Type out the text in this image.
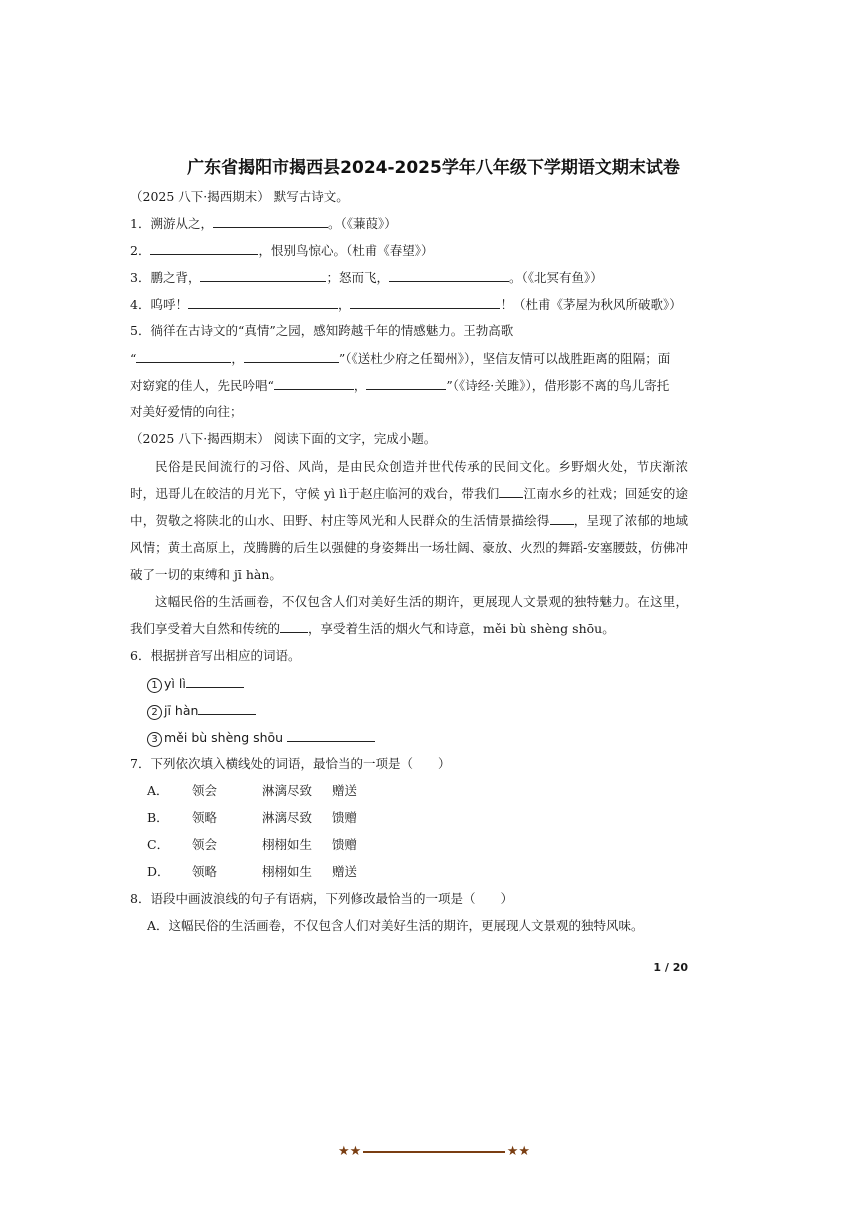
广东省揭阳市揭西县2024-2025学年八年级下学期语文期末试卷
（2025 八下·揭西期末） 默写古诗文。
1．溯游从之，	。（《蒹葭》）
2．	，恨别鸟惊心。（杜甫《春望》）
3．鹏之背，	；怒而飞，	。（《北冥有鱼》）
4．呜呼！	，	！（杜甫《茅屋为秋风所破歌》）
5．徜徉在古诗文的“真情”之园，感知跨越千年的情感魅力。王勃高歌
“	，	”（《送杜少府之任蜀州》），坚信友情可以战胜距离的阻隔；面
对窈窕的佳人，先民吟唱“	，	”（《诗经·关雎》），借形影不离的鸟儿寄托
对美好爱情的向往；
（2025 八下·揭西期末） 阅读下面的文字，完成小题。

民俗是民间流行的习俗、风尚，是由民众创造并世代传承的民间文化。乡野烟火处，节庆渐浓时，迅哥儿在皎洁的月光下，守候 yì lì于赵庄临河的戏台，带我们 江南水乡的社戏；回延安的途中，贺敬之将陕北的山水、田野、村庄等风光和人民群众的生活情景描绘得 ，呈现了浓郁的地域风情；黄土高原上，茂腾腾的后生以强健的身姿舞出一场壮阔、豪放、火烈的舞蹈-安塞腰鼓，仿佛冲破了一切的束缚和 jī hàn。

这幅民俗的生活画卷，不仅包含人们对美好生活的期许，更展现人文景观的独特魅力。在这里，我们享受着大自然和传统的 ，享受着生活的烟火气和诗意，měi bù shèng shōu。

6．根据拼音写出相应的词语。
1 yì lì
2 jī hàn
3 měi bù shèng shōu
7．下列依次填入横线处的词语，最恰当的一项是（　　）
A． 领会	淋漓尽致 赠送
B． 领略	淋漓尽致 馈赠
C． 领会	栩栩如生 馈赠
D． 领略	栩栩如生 赠送
8．语段中画波浪线的句子有语病，下列修改最恰当的一项是（　　）
A．这幅民俗的生活画卷，不仅包含人们对美好生活的期许，更展现人文景观的独特风味。
1 / 20
★★	★★
